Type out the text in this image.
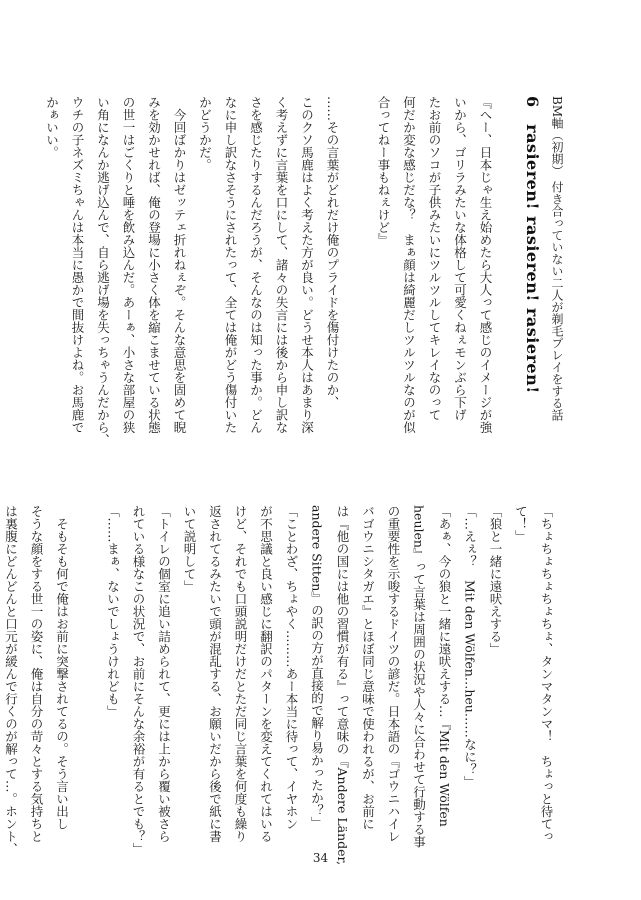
6　rasieren! rasieren! rasieren! BM軸（初期） 付き合っていない二人が剃毛プレイをする話
『へー、日本じゃ生え始めたら大人って感じのイメージが強
いから、ゴリラみたいな体格して可愛くねぇモンぶら下げ
たお前のソコが子供みたいにツルツルしてキレイなのって
何だか変な感じだな？　まぁ顔は綺麗だしツルツルなのが似
合ってねー事もねぇけど』

……その言葉がどれだけ俺のプライドを傷付けたのか、
このクソ馬鹿はよく考えた方が良い。どうせ本人はあまり深
く考えずに言葉を口にして、諸々の失言には後から申し訳な
さを感じたりするんだろうが、そんなのは知った事か。どん
なに申し訳なさそうにされたって、全ては俺がどう傷付いた
かどうかだ。
　今回ばかりはゼッテェ折れねぇぞ。そんな意思を固めて睨
みを効かせれば、俺の登場に小さく体を縮こませている状態
の世一はごくりと唾を飲み込んだ。あーぁ、小さな部屋の狭
い角になんか逃げ込んで、自ら逃げ場を失っちゃうんだから、
ウチの子ネズミちゃんは本当に愚かで間抜けよね。お馬鹿で
かぁいい。
「ちょちょちょちょちょ、タンマタンマ！　ちょっと待てっ
て！」
「狼と一緒に遠吠えする」
「…えぇ？　Mit den Wölfen…heu……なに？」
「あぁ、今の狼と一緒に遠吠えする…『Mit den Wölfen
heulen』って言葉は周囲の状況や人々に合わせて行動する事
の重要性を示唆するドイツの諺だ。日本語の『ゴウニハイレ
バゴウニシタガエ』とほぼ同じ意味で使われるが、お前に
は『他の国には他の習慣が有る』って意味の『Andere Länder,
andere Sitten』の訳の方が直接的で解り易かったか？」
「ことわざ、ちょやく………あー本当に待って、イヤホン
が不思議と良い感じに翻訳のパターンを変えてくれてはいる
けど、それでも口頭説明だけだとただ同じ言葉を何度も繰り
返されてるみたいで頭が混乱する、お願いだから後で紙に書
いて説明して」
「トイレの個室に追い詰められて、更には上から覆い被さら
れている様なこの状況で、お前にそんな余裕が有るとでも？」
「……まぁ、ないでしょうけれども」

　そもそも何で俺はお前に突撃されてるの。そう言い出し
そうな顔をする世一の姿に、俺は自分の苛々とする気持ちと
は裏腹にどんどんと口元が緩んで行くのが解って…。ホント、
34
